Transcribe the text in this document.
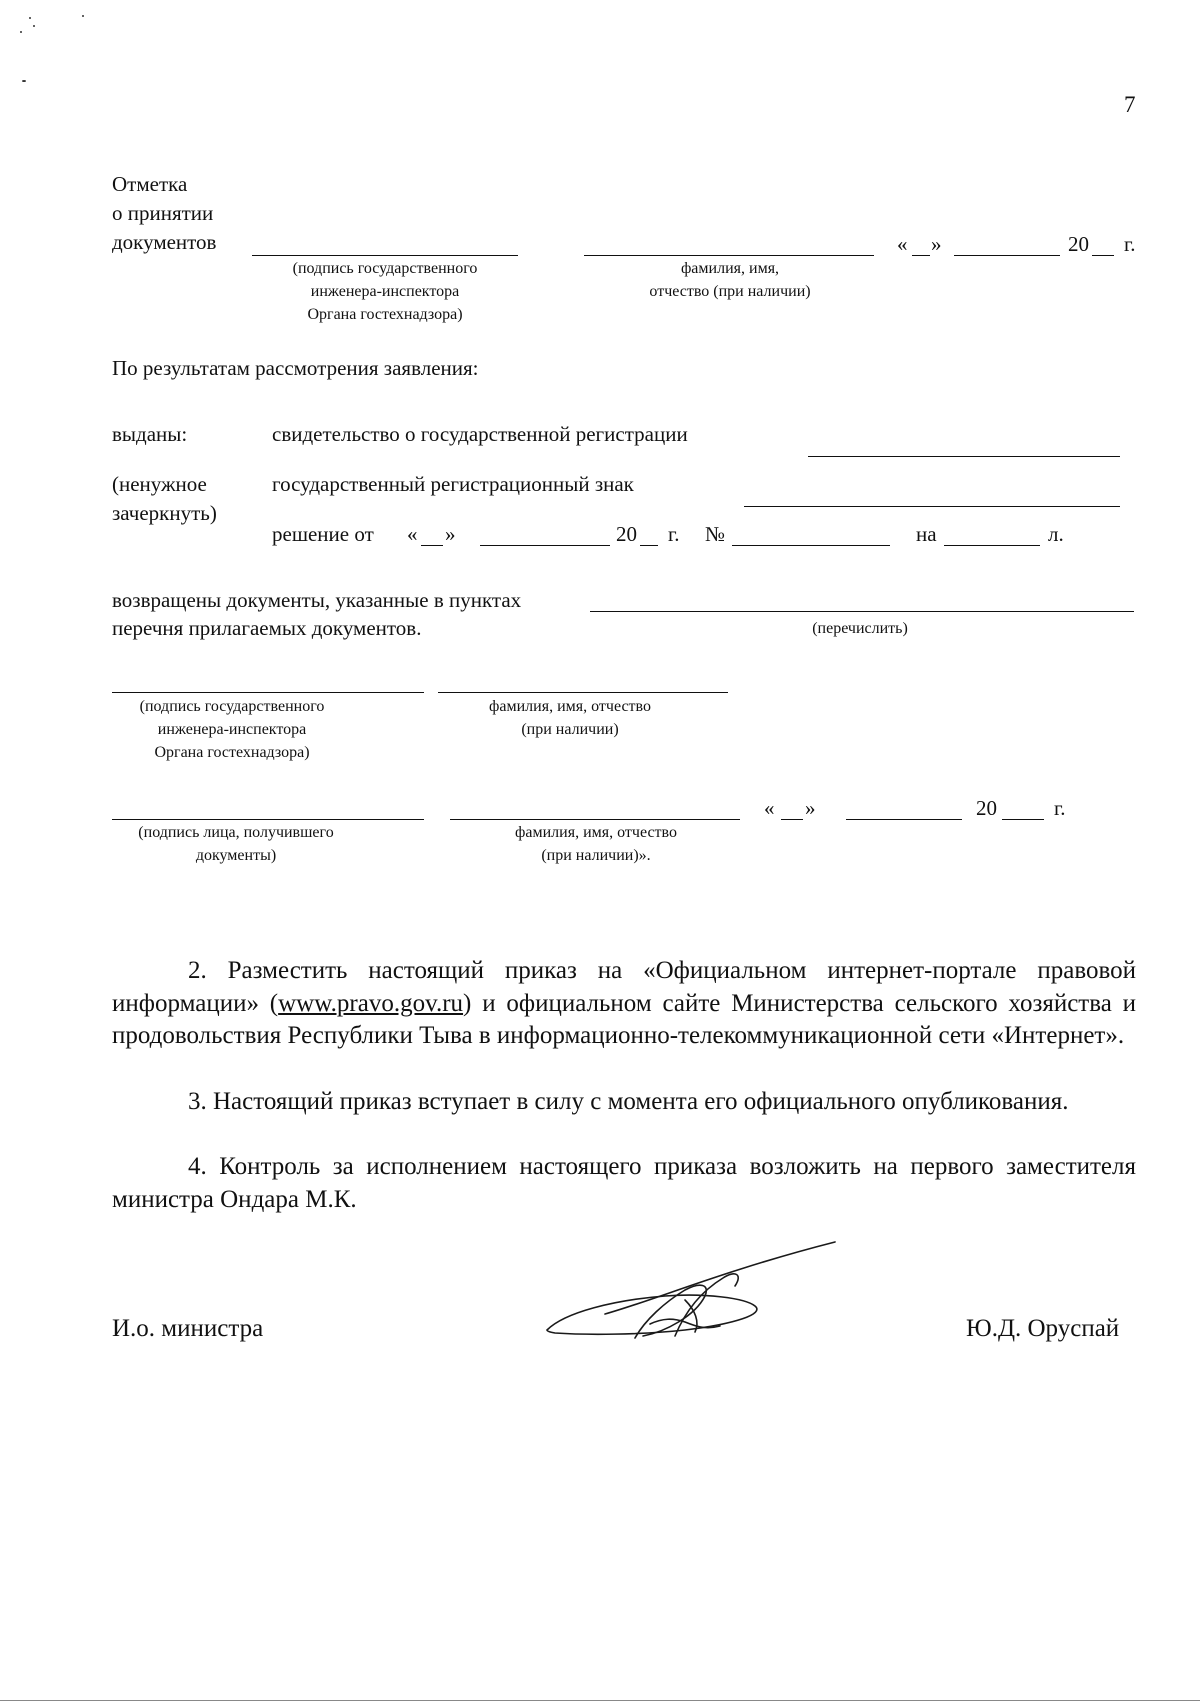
7
Отметка
о принятии
документов	« »	20 г.
(подпись государственного
инженера-инспектора
Органа гостехнадзора)
фамилия, имя,
отчество (при наличии)
По результатам рассмотрения заявления:
выданы:	свидетельство о государственной регистрации
(ненужное
зачеркнуть)
государственный регистрационный знак
решение от « »	20 г. №	на	л.
возвращены документы, указанные в пунктах
перечня прилагаемых документов.	(перечислить)
(подпись государственного
инженера-инспектора
Органа гостехнадзора)
фамилия, имя, отчество
(при наличии)
« »	20	г.
(подпись лица, получившего
документы)
фамилия, имя, отчество
(при наличии)».
2. Разместить настоящий приказ на «Официальном интернет-портале правовой информации» (www.pravo.gov.ru) и официальном сайте Министерства сельского хозяйства и продовольствия Республики Тыва в информационно-телекоммуникационной сети «Интернет».
3. Настоящий приказ вступает в силу с момента его официального опубликования.
4. Контроль за исполнением настоящего приказа возложить на первого заместителя министра Ондара М.К.
И.о. министра	Ю.Д. Оруспай
